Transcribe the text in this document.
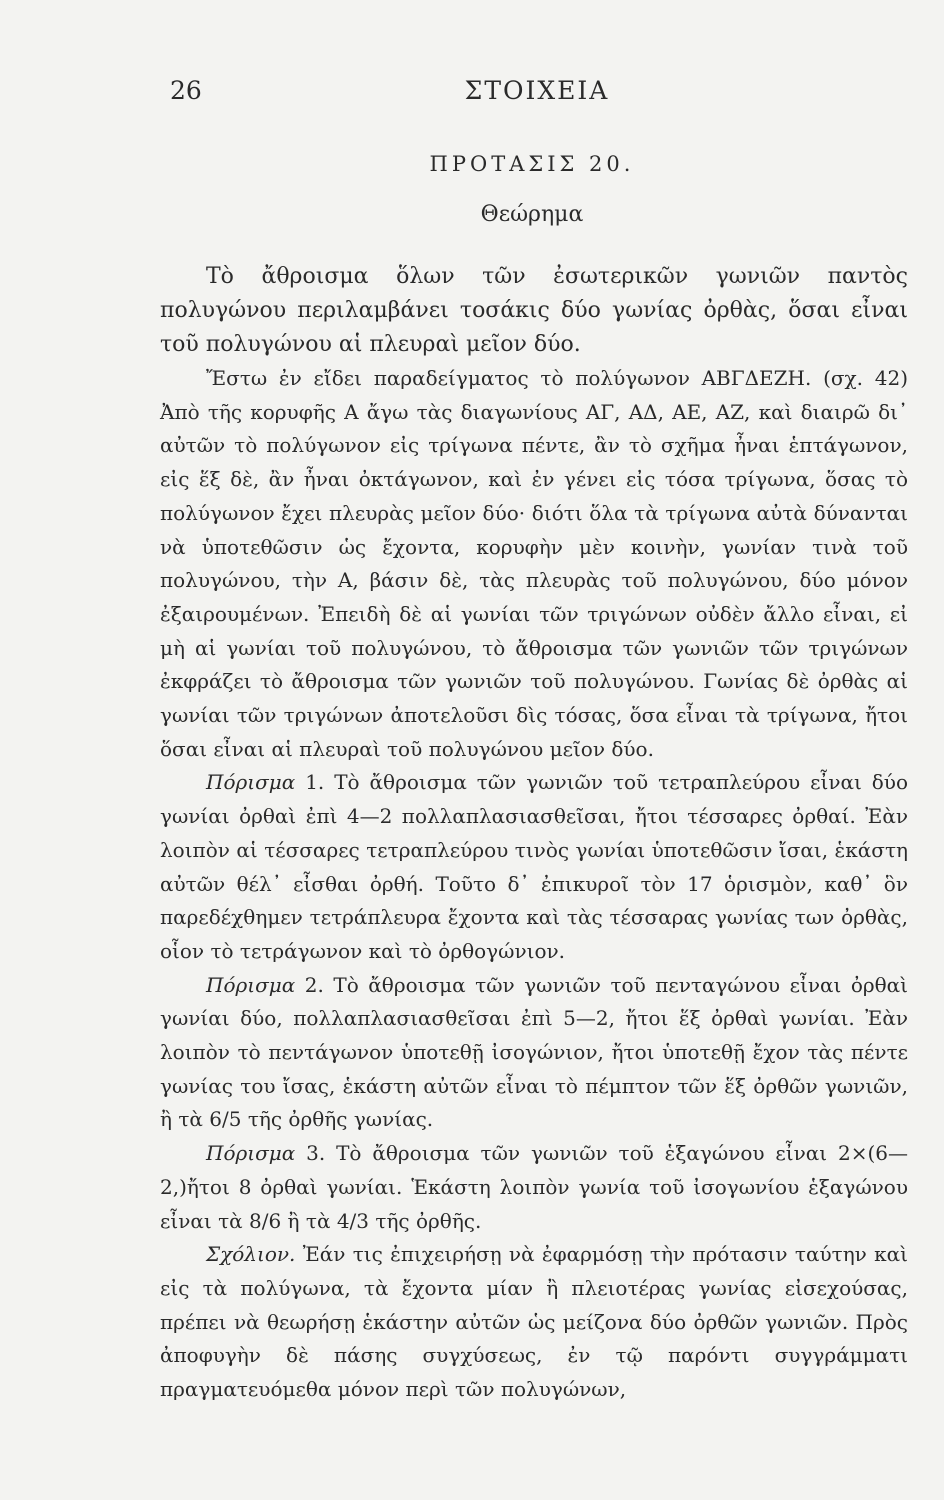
26	ΣΤΟΙΧΕΙΑ
ΠΡΟΤΑΣΙΣ 20.
Θεώρημα

Τὸ ἄθροισμα ὅλων τῶν ἐσωτερικῶν γωνιῶν παντὸς πολυγώνου περιλαμβάνει τοσάκις δύο γωνίας ὀρθὰς, ὅσαι εἶναι τοῦ πολυγώνου αἱ πλευραὶ μεῖον δύο.

Ἔστω ἐν εἴδει παραδείγματος τὸ πολύγωνον ΑΒΓΔΕΖΗ. (σχ. 42) Ἀπὸ τῆς κορυφῆς Α ἄγω τὰς διαγωνίους ΑΓ, ΑΔ, ΑΕ, ΑΖ, καὶ διαιρῶ δι᾽ αὐτῶν τὸ πολύγωνον εἰς τρίγωνα πέντε, ἂν τὸ σχῆμα ἦναι ἑπτάγωνον, εἰς ἕξ δὲ, ἂν ἦναι ὀκτάγωνον, καὶ ἐν γένει εἰς τόσα τρίγωνα, ὅσας τὸ πολύγωνον ἔχει πλευρὰς μεῖον δύο· διότι ὅλα τὰ τρίγωνα αὐτὰ δύνανται νὰ ὑποτεθῶσιν ὡς ἔχοντα, κορυφὴν μὲν κοινὴν, γωνίαν τινὰ τοῦ πολυγώνου, τὴν Α, βάσιν δὲ, τὰς πλευρὰς τοῦ πολυγώνου, δύο μόνον ἐξαιρουμένων. Ἐπειδὴ δὲ αἱ γωνίαι τῶν τριγώνων οὐδὲν ἄλλο εἶναι, εἰ μὴ αἱ γωνίαι τοῦ πολυγώνου, τὸ ἄθροισμα τῶν γωνιῶν τῶν τριγώνων ἐκφράζει τὸ ἄθροισμα τῶν γωνιῶν τοῦ πολυγώνου. Γωνίας δὲ ὀρθὰς αἱ γωνίαι τῶν τριγώνων ἀποτελοῦσι δὶς τόσας, ὅσα εἶναι τὰ τρίγωνα, ἤτοι ὅσαι εἶναι αἱ πλευραὶ τοῦ πολυγώνου μεῖον δύο.

Πόρισμα 1. Τὸ ἄθροισμα τῶν γωνιῶν τοῦ τετραπλεύρου εἶναι δύο γωνίαι ὀρθαὶ ἐπὶ 4—2 πολλαπλασιασθεῖσαι, ἤτοι τέσσαρες ὀρθαί. Ἐὰν λοιπὸν αἱ τέσσαρες τετραπλεύρου τινὸς γωνίαι ὑποτεθῶσιν ἴσαι, ἑκάστη αὐτῶν θέλ᾽ εἶσθαι ὀρθή. Τοῦτο δ᾽ ἐπικυροῖ τὸν 17 ὁρισμὸν, καθ᾽ ὃν παρεδέχθημεν τετράπλευρα ἔχοντα καὶ τὰς τέσσαρας γωνίας των ὀρθὰς, οἷον τὸ τετράγωνον καὶ τὸ ὀρθογώνιον.

Πόρισμα 2. Τὸ ἄθροισμα τῶν γωνιῶν τοῦ πενταγώνου εἶναι ὀρθαὶ γωνίαι δύο, πολλαπλασιασθεῖσαι ἐπὶ 5—2, ἤτοι ἕξ ὀρθαὶ γωνίαι. Ἐὰν λοιπὸν τὸ πεντάγωνον ὑποτεθῇ ἰσογώνιον, ἤτοι ὑποτεθῇ ἔχον τὰς πέντε γωνίας του ἴσας, ἑκάστη αὐτῶν εἶναι τὸ πέμπτον τῶν ἕξ ὀρθῶν γωνιῶν, ἢ τὰ 6/5 τῆς ὀρθῆς γωνίας.

Πόρισμα 3. Τὸ ἄθροισμα τῶν γωνιῶν τοῦ ἑξαγώνου εἶναι 2×(6—2,)ἤτοι 8 ὀρθαὶ γωνίαι. Ἑκάστη λοιπὸν γωνία τοῦ ἰσογωνίου ἑξαγώνου εἶναι τὰ 8/6 ἢ τὰ 4/3 τῆς ὀρθῆς.

Σχόλιον. Ἐάν τις ἐπιχειρήσῃ νὰ ἐφαρμόσῃ τὴν πρότασιν ταύτην καὶ εἰς τὰ πολύγωνα, τὰ ἔχοντα μίαν ἢ πλειοτέρας γωνίας εἰσεχούσας, πρέπει νὰ θεωρήσῃ ἑκάστην αὐτῶν ὡς μείζονα δύο ὀρθῶν γωνιῶν. Πρὸς ἀποφυγὴν δὲ πάσης συγχύσεως, ἐν τῷ παρόντι συγγράμματι πραγματευόμεθα μόνον περὶ τῶν πολυγώνων,
